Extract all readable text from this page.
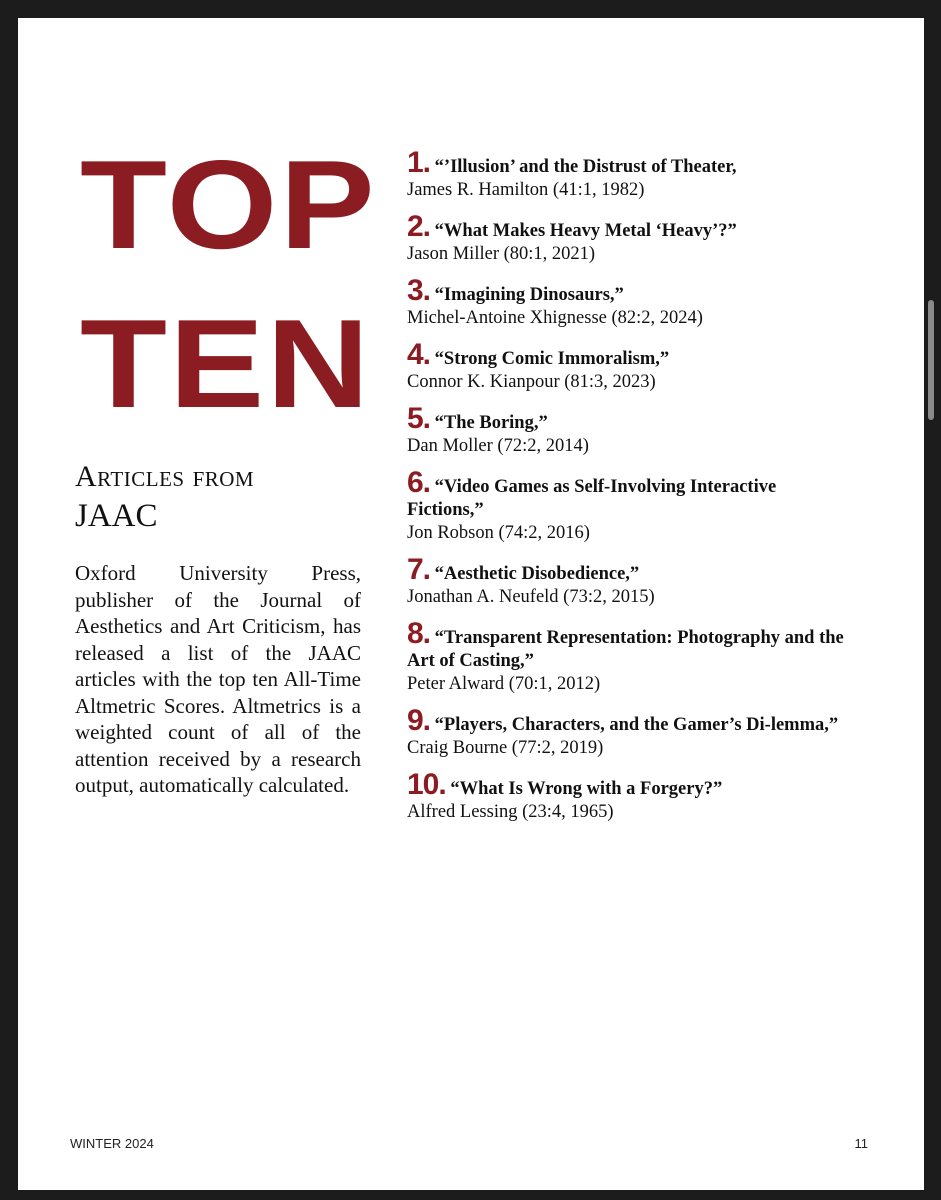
TOP
TEN
Articles from
JAAC

Oxford University Press, publisher of the Journal of Aesthetics and Art Criticism, has released a list of the JAAC articles with the top ten All-Time Altmetric Scores. Altmetrics is a weighted count of all of the attention received by a research output, automatically calculated.

1. “’Illusion’ and the Distrust of Theater,
James R. Hamilton (41:1, 1982)
2. “What Makes Heavy Metal ‘Heavy’?”
Jason Miller (80:1, 2021)
3. “Imagining Dinosaurs,”
Michel-Antoine Xhignesse (82:2, 2024)
4. “Strong Comic Immoralism,”
Connor K. Kianpour (81:3, 2023)
5. “The Boring,”
Dan Moller (72:2, 2014)
6. “Video Games as Self-Involving Interactive Fictions,”
Jon Robson (74:2, 2016)
7. “Aesthetic Disobedience,”
Jonathan A. Neufeld (73:2, 2015)
8. “Transparent Representation: Photography and the Art of Casting,”
Peter Alward (70:1, 2012)
9. “Players, Characters, and the Gamer’s Di-lemma,”
Craig Bourne (77:2, 2019)
10. “What Is Wrong with a Forgery?”
Alfred Lessing (23:4, 1965)
WINTER 2024	11
